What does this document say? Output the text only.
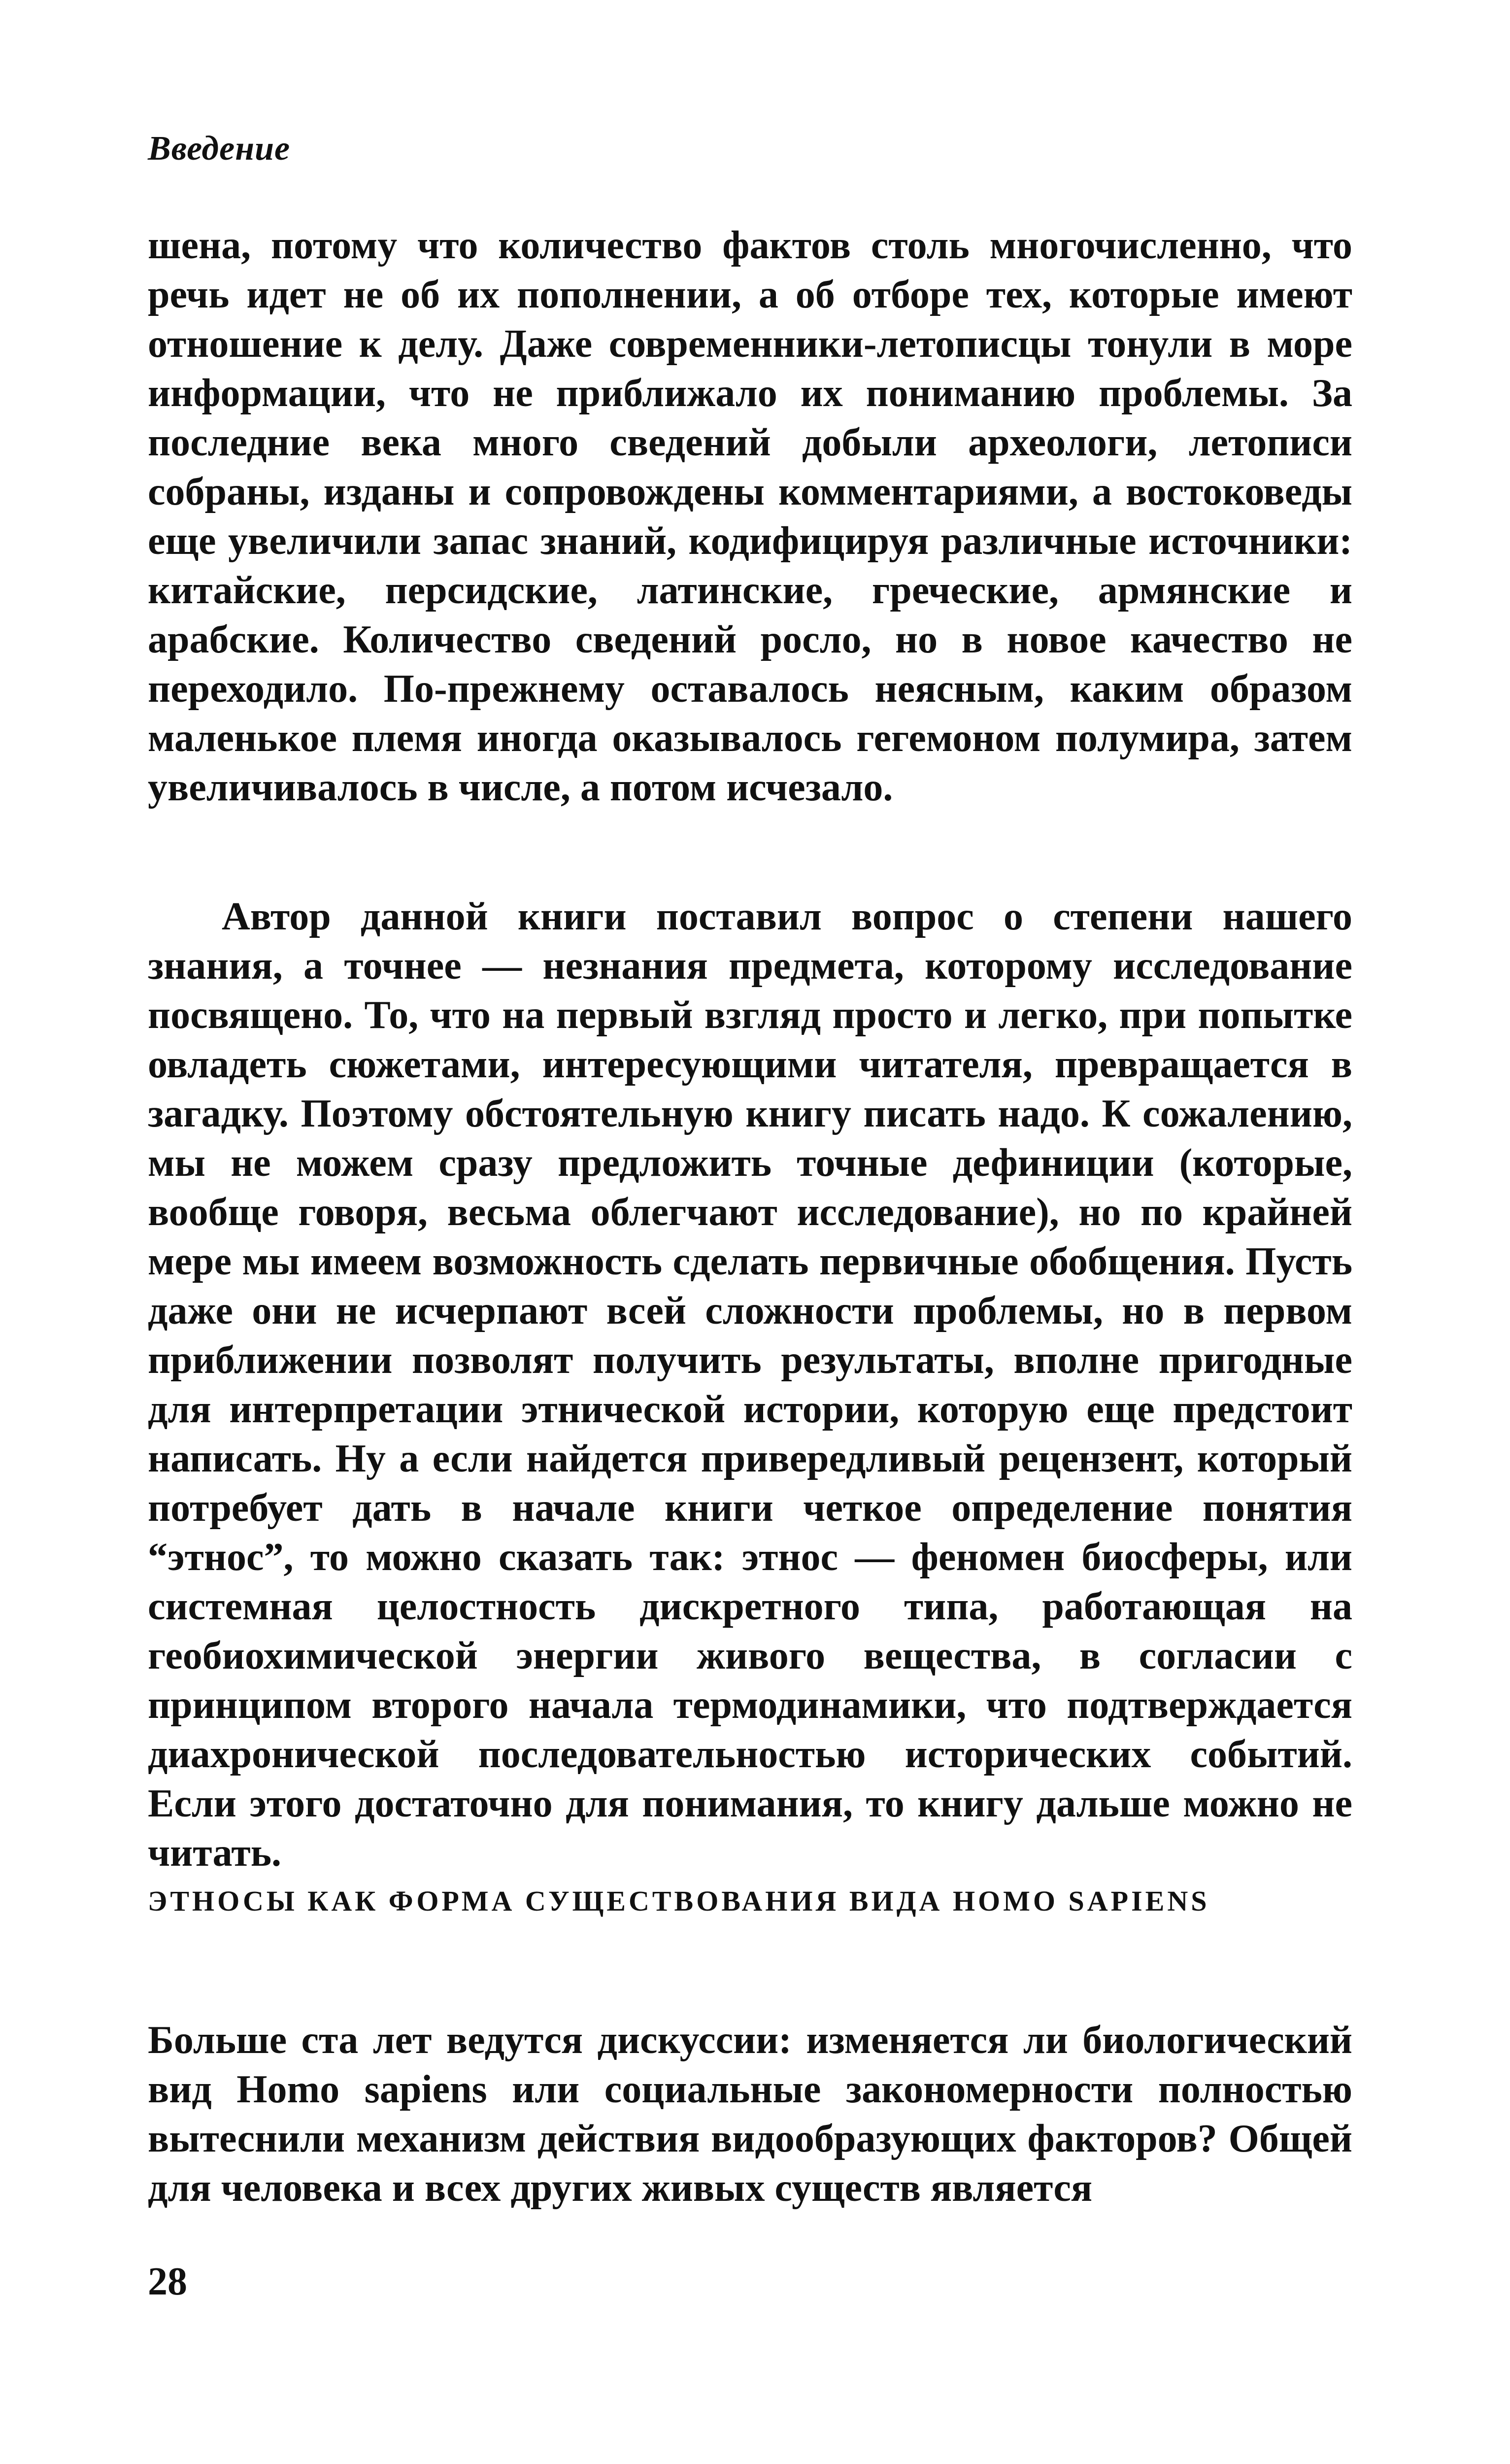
Введение

шена, потому что количество фактов столь многочисленно, что речь идет не об их пополнении, а об отборе тех, которые имеют отношение к делу. Даже современники-летописцы тонули в море информации, что не приближало их пониманию проблемы. За последние века много сведений добыли археологи, летописи собраны, изданы и сопровождены комментариями, а востоковеды еще увеличили запас знаний, кодифицируя различные источники: китайские, персидские, латинские, греческие, армянские и арабские. Количество сведений росло, но в новое качество не переходило. По-прежнему оставалось неясным, каким образом маленькое племя иногда оказывалось гегемоном полумира, затем увеличивалось в числе, а потом исчезало.

Автор данной книги поставил вопрос о степени нашего знания, а точнее — незнания предмета, которому исследование посвящено. То, что на первый взгляд просто и легко, при попытке овладеть сюжетами, интересующими читателя, превращается в загадку. Поэтому обстоятельную книгу писать надо. К сожалению, мы не можем сразу предложить точные дефиниции (которые, вообще говоря, весьма облегчают исследование), но по крайней мере мы имеем возможность сделать первичные обобщения. Пусть даже они не исчерпают всей сложности проблемы, но в первом приближении позволят получить результаты, вполне пригодные для интерпретации этнической истории, которую еще предстоит написать. Ну а если найдется привередливый рецензент, который потребует дать в начале книги четкое определение понятия “этнос”, то можно сказать так: этнос — феномен биосферы, или системная целостность дискретного типа, работающая на геобиохимической энергии живого вещества, в согласии с принципом второго начала термодинамики, что подтверждается диахронической последовательностью исторических событий. Если этого достаточно для понимания, то книгу дальше можно не читать.

ЭТНОСЫ КАК ФОРМА СУЩЕСТВОВАНИЯ ВИДА HOMO SAPIENS

Больше ста лет ведутся дискуссии: изменяется ли биологический вид Homo sapiens или социальные закономерности полностью вытеснили механизм действия видообразующих факторов? Общей для человека и всех других живых существ является

28
